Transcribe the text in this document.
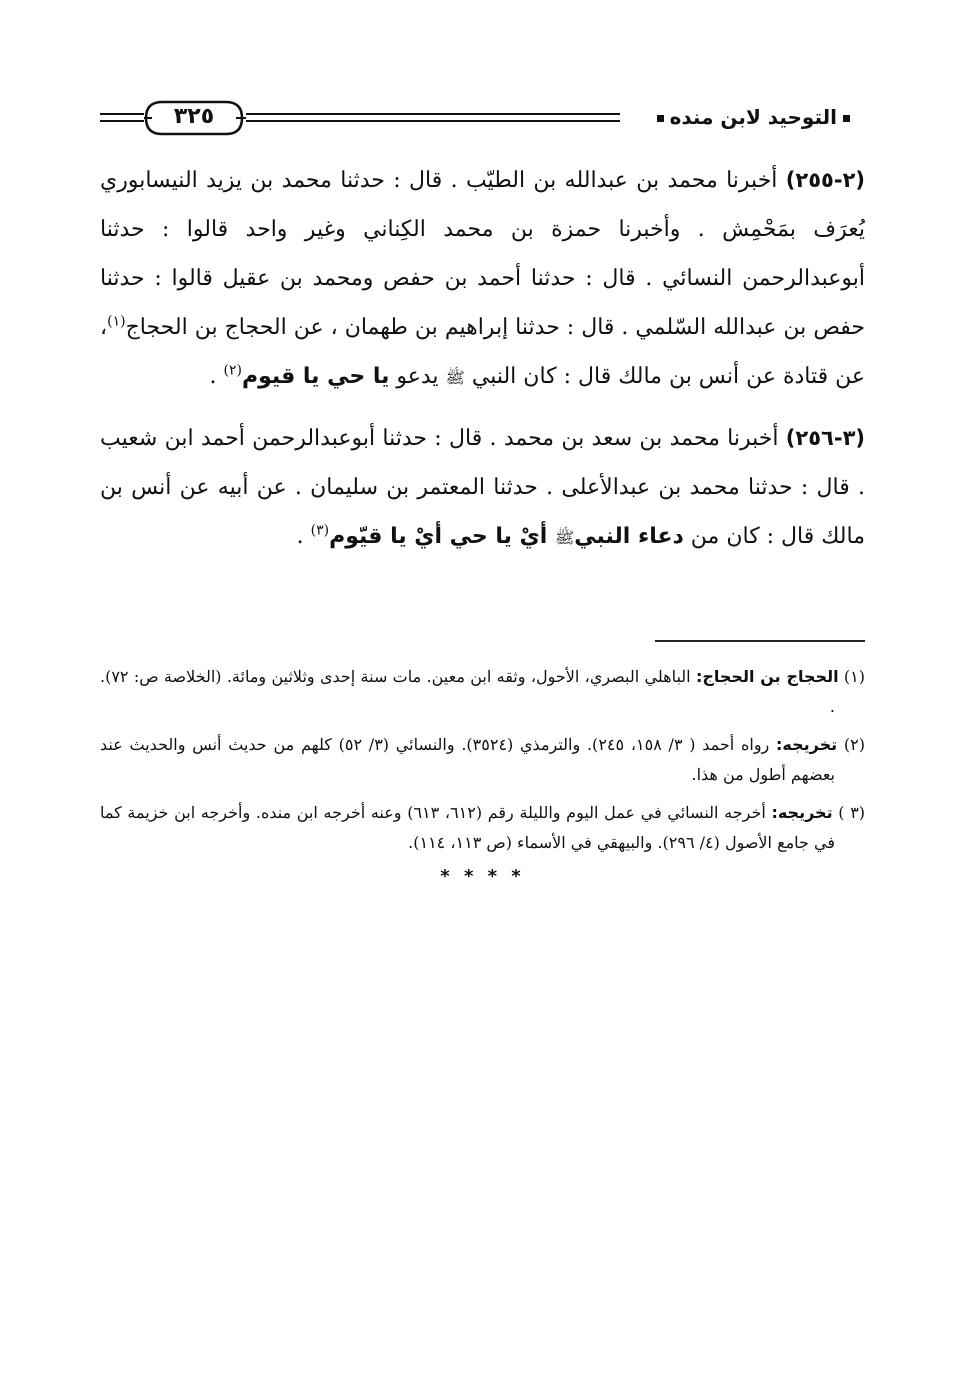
٣٢٥	التوحيد لابن منده

(٢-٢٥٥) أخبرنا محمد بن عبدالله بن الطيّب . قال : حدثنا محمد بن يزيد النيسابوري يُعرَف بمَحْمِش . وأخبرنا حمزة بن محمد الكِناني وغير واحد قالوا : حدثنا أبوعبدالرحمن النسائي . قال : حدثنا أحمد بن حفص ومحمد بن عقيل قالوا : حدثنا حفص بن عبدالله السّلمي . قال : حدثنا إبراهيم بن طهمان ، عن الحجاج بن الحجاج$^{(١)}$، عن قتادة عن أنس بن مالك قال : كان النبي ﷺ يدعو يا حي يا قيوم$^{(٢)}$ .

(٣-٢٥٦) أخبرنا محمد بن سعد بن محمد . قال : حدثنا أبوعبدالرحمن أحمد ابن شعيب . قال : حدثنا محمد بن عبدالأعلى . حدثنا المعتمر بن سليمان . عن أبيه عن أنس بن مالك قال : كان من دعاء النبيﷺ أيْ يا حي أيْ يا قيّوم$^{(٣)}$ .

(١) الحجاج بن الحجاج: الباهلي البصري، الأحول، وثقه ابن معين. مات سنة إحدى وثلاثين ومائة. (الخلاصة ص: ٧٢). .

(٢) تخريجه: رواه أحمد ( ٣/ ١٥٨، ٢٤٥). والترمذي (٣٥٢٤). والنسائي (٣/ ٥٢) كلهم من حديث أنس والحديث عند بعضهم أطول من هذا.

(٣ ) تخريجه: أخرجه النسائي في عمل اليوم والليلة رقم (٦١٢، ٦١٣) وعنه أخرجه ابن منده. وأخرجه ابن خزيمة كما في جامع الأصول (٤/ ٢٩٦). والبيهقي في الأسماء (ص ١١٣، ١١٤).

* * * *
